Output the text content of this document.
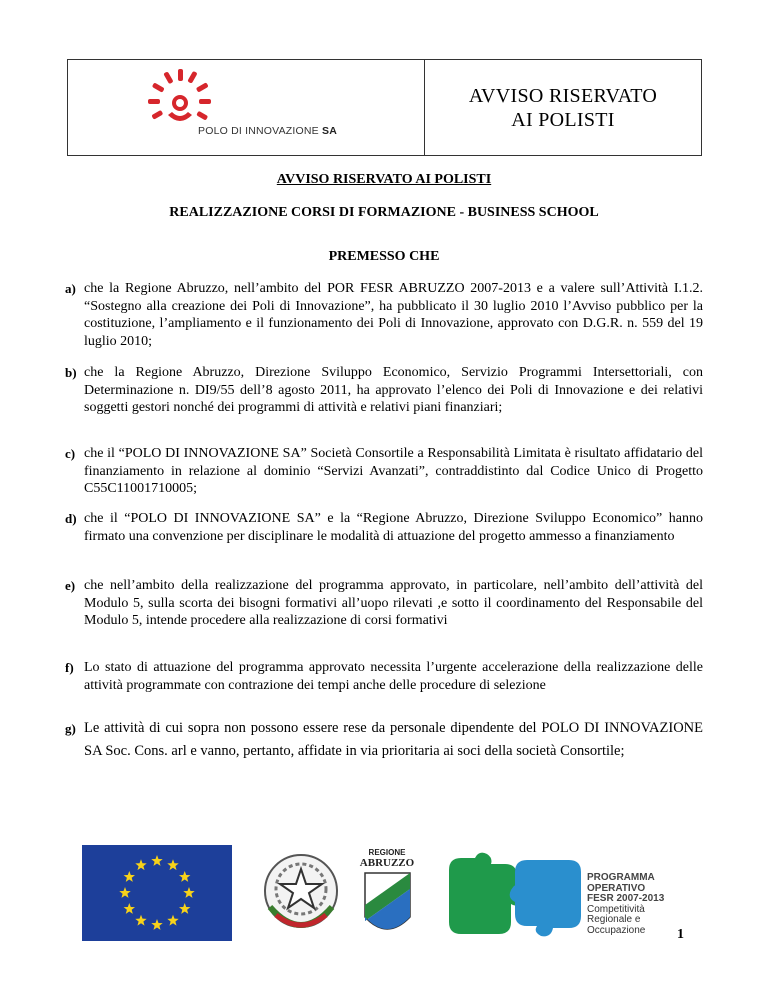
POLO DI INNOVAZIONE SA
AVVISO RISERVATO
AI POLISTI
AVVISO RISERVATO AI POLISTI
REALIZZAZIONE CORSI DI FORMAZIONE - BUSINESS SCHOOL
PREMESSO CHE
a) che la Regione Abruzzo, nell’ambito del POR FESR ABRUZZO 2007-2013 e a valere sull’Attività I.1.2. “Sostegno alla creazione dei Poli di Innovazione”, ha pubblicato il 30 luglio 2010 l’Avviso pubblico per la costituzione, l’ampliamento e il funzionamento dei Poli di Innovazione, approvato con D.G.R. n. 559 del 19 luglio 2010;
b) che la Regione Abruzzo, Direzione Sviluppo Economico, Servizio Programmi Intersettoriali, con Determinazione n. DI9/55 dell’8 agosto 2011, ha approvato l’elenco dei Poli di Innovazione e dei relativi soggetti gestori nonché dei programmi di attività e relativi piani finanziari;
c) che il “POLO DI INNOVAZIONE SA” Società Consortile a Responsabilità Limitata è risultato affidatario del finanziamento in relazione al dominio “Servizi Avanzati”, contraddistinto dal Codice Unico di Progetto C55C11001710005;
d) che il “POLO DI INNOVAZIONE SA” e la “Regione Abruzzo, Direzione Sviluppo Economico” hanno firmato una convenzione per disciplinare le modalità di attuazione del progetto ammesso a finanziamento
e) che nell’ambito della realizzazione del programma approvato, in particolare, nell’ambito dell’attività del Modulo 5, sulla scorta dei bisogni formativi all’uopo rilevati ,e sotto il coordinamento del Responsabile del Modulo 5, intende procedere alla realizzazione di corsi formativi
f) Lo stato di attuazione del programma approvato necessita l’urgente accelerazione della realizzazione delle attività programmate con contrazione dei tempi anche delle procedure di selezione
g) Le attività di cui sopra non possono essere rese da personale dipendente del POLO DI INNOVAZIONE SA Soc. Cons. arl e vanno, pertanto, affidate in via prioritaria ai soci della società Consortile;
REGIONE
ABRUZZO
PROGRAMMA
OPERATIVO
FESR 2007-2013
Competitività
Regionale e
Occupazione	1
